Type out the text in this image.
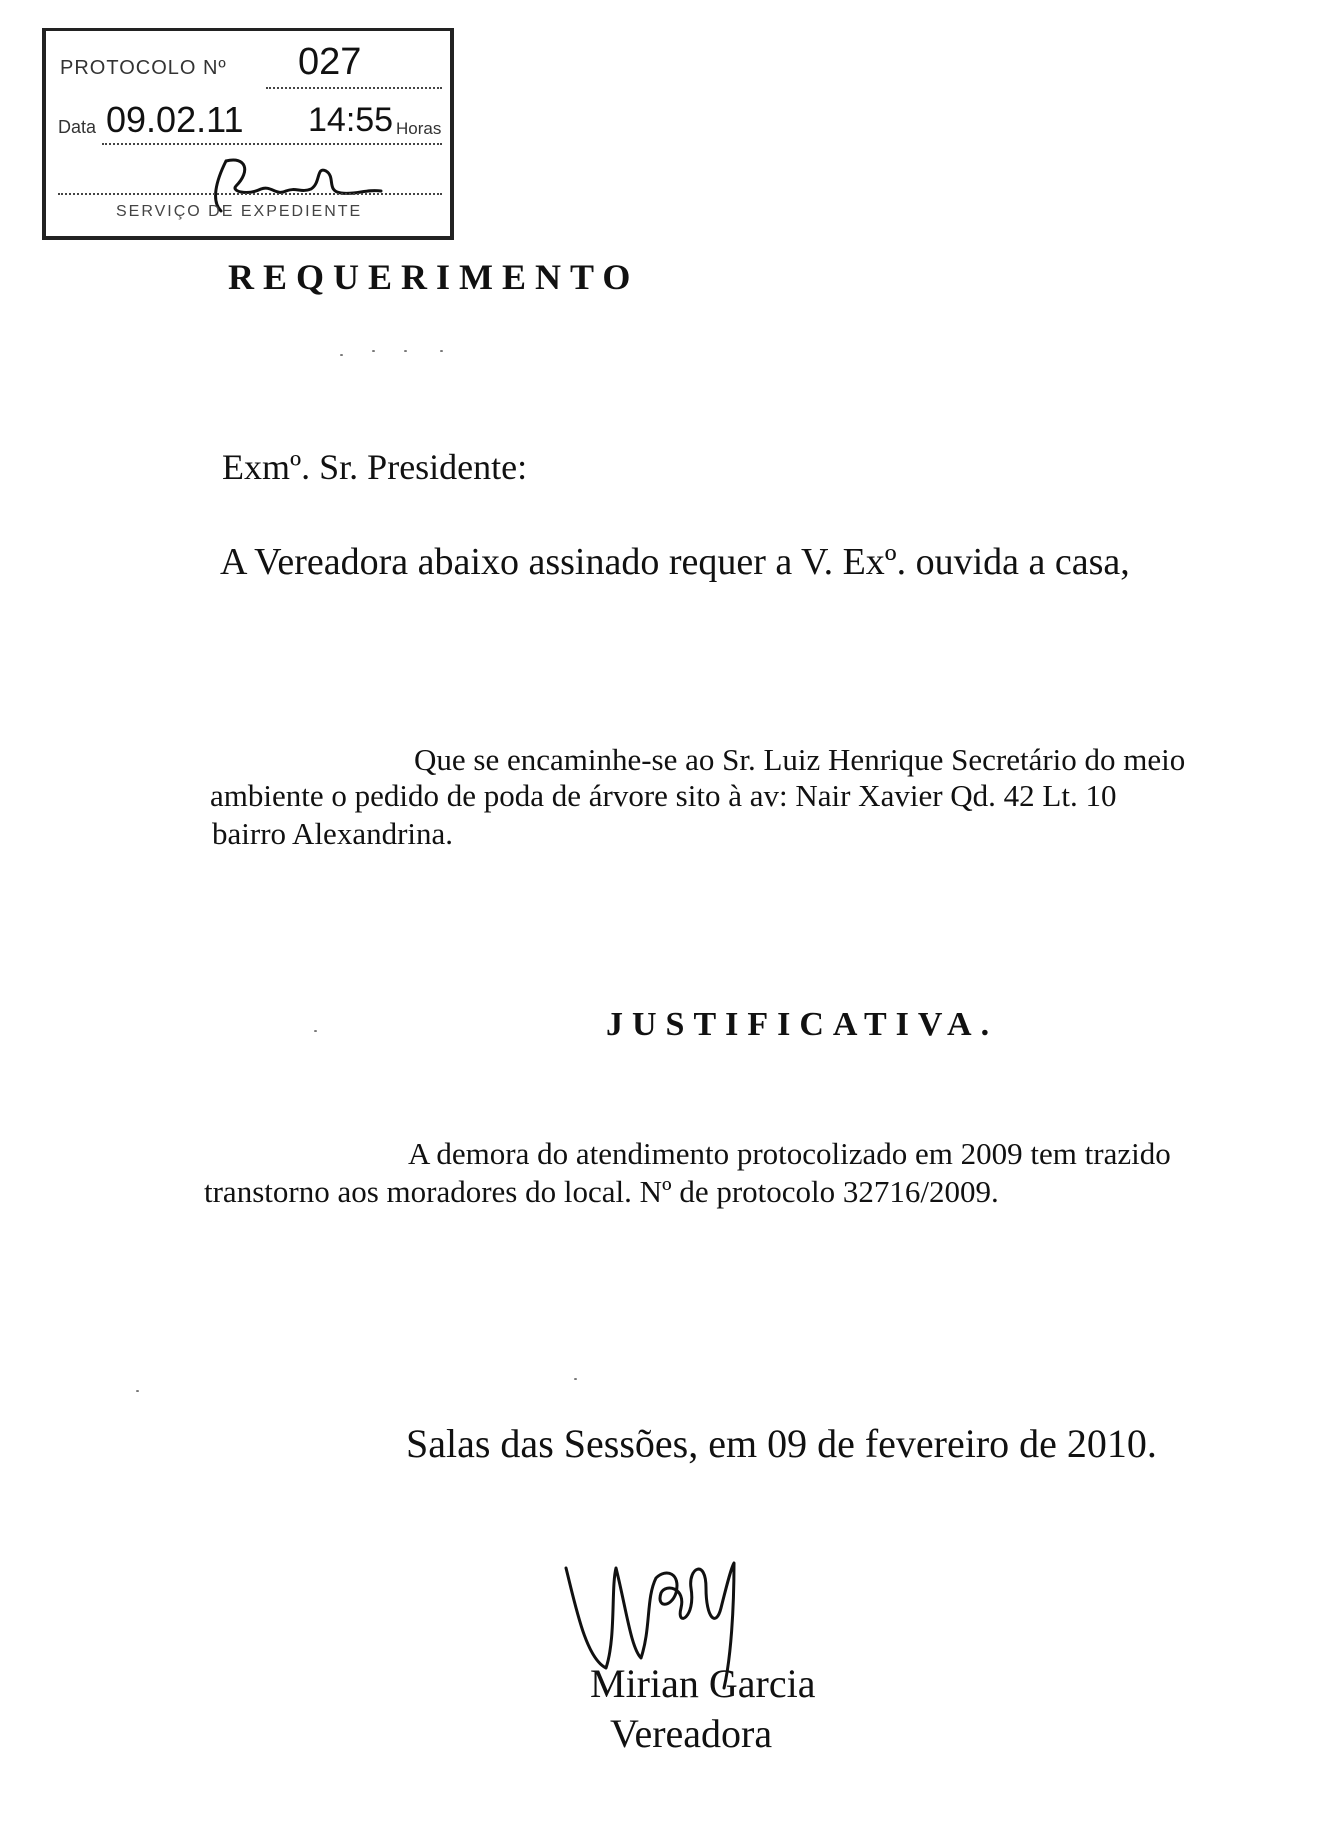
PROTOCOLO Nº 027
Data 09.02.11 14:55 Horas
SERVIÇO DE EXPEDIENTE
REQUERIMENTO
Exmº. Sr. Presidente:
A Vereadora abaixo assinado requer a V. Exº. ouvida a casa,
Que se encaminhe-se ao Sr. Luiz Henrique Secretário do meio
ambiente o pedido de poda de árvore sito à av: Nair Xavier Qd. 42 Lt. 10
bairro Alexandrina.
JUSTIFICATIVA.
A demora do atendimento protocolizado em 2009 tem trazido
transtorno aos moradores do local. Nº de protocolo 32716/2009.
Salas das Sessões, em 09 de fevereiro de 2010.
Mirian Garcia
Vereadora
